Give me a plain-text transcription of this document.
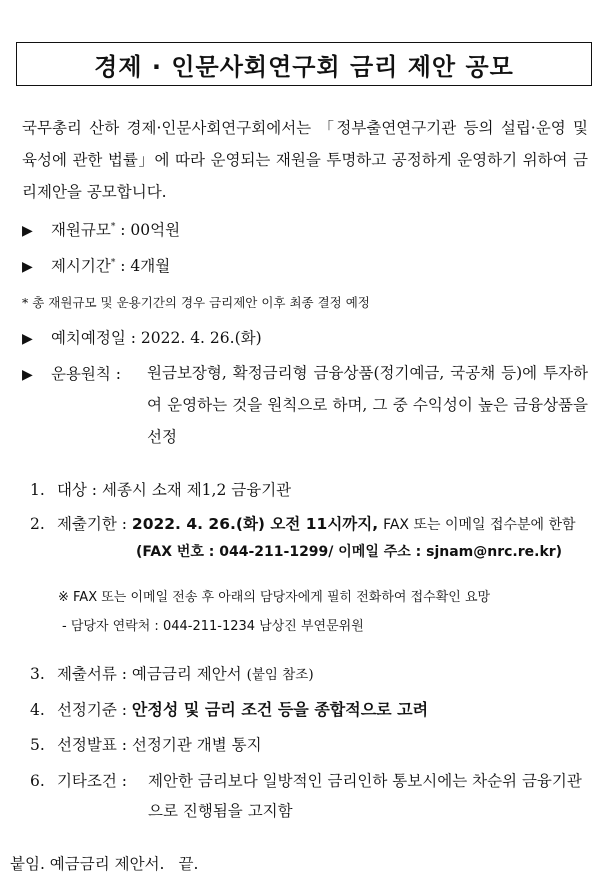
경제 · 인문사회연구회 금리 제안 공모
국무총리 산하 경제·인문사회연구회에서는 「정부출연연구기관 등의 설립·운영 및 육성에 관한 법률」에 따라 운영되는 재원을 투명하고 공정하게 운영하기 위하여 금리제안을 공모합니다.
▶ 재원규모* : 00억원
▶ 제시기간* : 4개월
* 총 재원규모 및 운용기간의 경우 금리제안 이후 최종 결정 예정
▶ 예치예정일 : 2022. 4. 26.(화)
▶ 운용원칙 : 원금보장형, 확정금리형 금융상품(정기예금, 국공채 등)에 투자하여 운영하는 것을 원칙으로 하며, 그 중 수익성이 높은 금융상품을 선정
1. 대상 : 세종시 소재 제1,2 금융기관
2. 제출기한 : 2022. 4. 26.(화) 오전 11시까지, FAX 또는 이메일 접수분에 한함
(FAX 번호 : 044-211-1299/ 이메일 주소 : sjnam@nrc.re.kr)
※ FAX 또는 이메일 전송 후 아래의 담당자에게 필히 전화하여 접수확인 요망
- 담당자 연락처 : 044-211-1234 남상진 부연문위원
3. 제출서류 : 예금금리 제안서 (붙임 참조)
4. 선정기준 : 안정성 및 금리 조건 등을 종합적으로 고려
5. 선정발표 : 선정기관 개별 통지
6. 기타조건 : 제안한 금리보다 일방적인 금리인하 통보시에는 차순위 금융기관으로 진행됨을 고지함
붙임. 예금금리 제안서. 끝.
